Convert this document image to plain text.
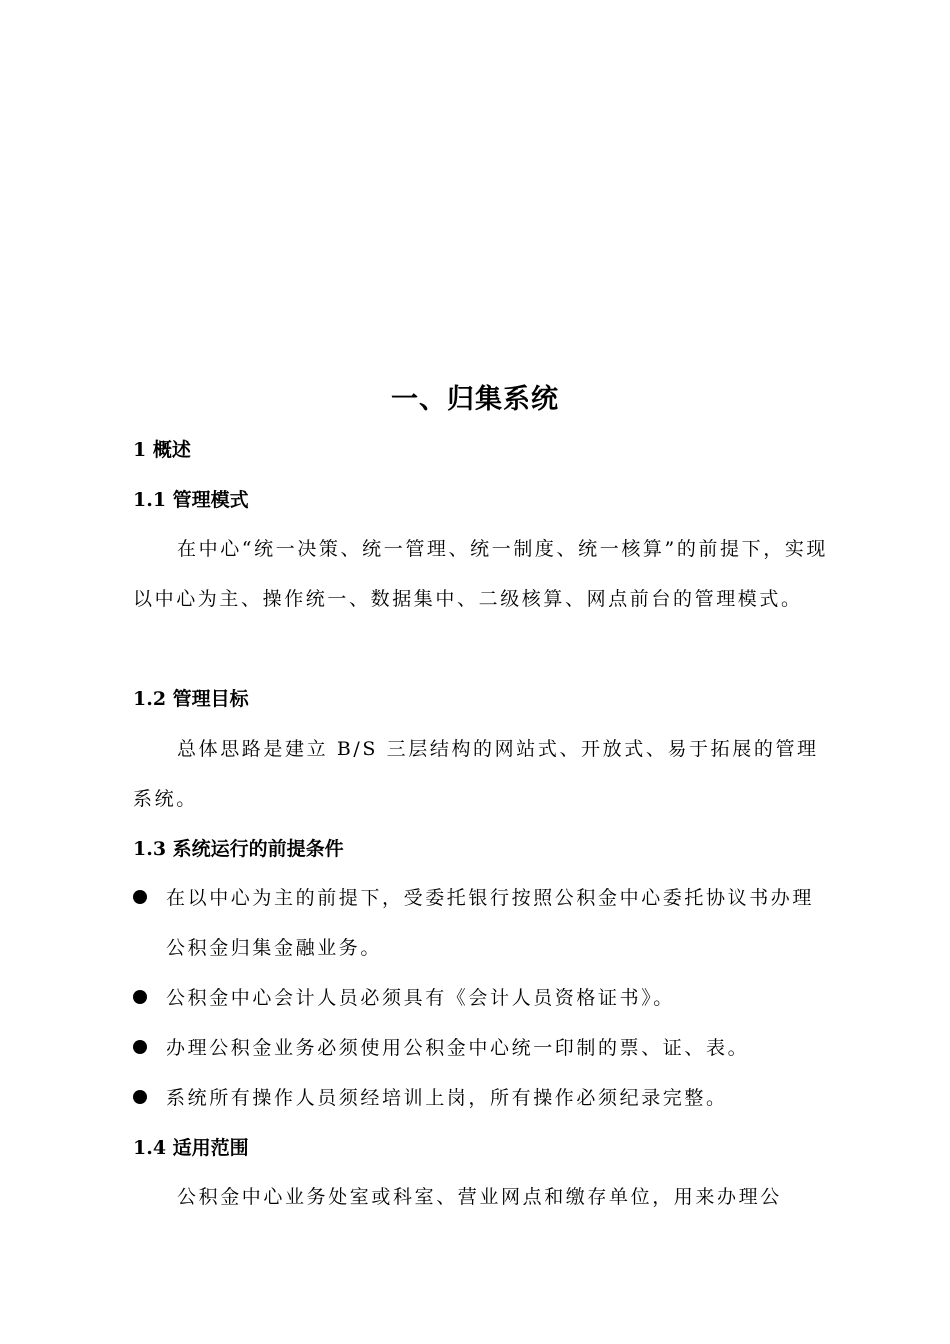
一、归集系统
1 概述
1.1 管理模式
在中心“统一决策、统一管理、统一制度、统一核算”的前提下，实现以中心为主、操作统一、数据集中、二级核算、网点前台的管理模式。
1.2 管理目标
总体思路是建立 B/S 三层结构的网站式、开放式、易于拓展的管理系统。
1.3 系统运行的前提条件
在以中心为主的前提下，受委托银行按照公积金中心委托协议书办理公积金归集金融业务。
公积金中心会计人员必须具有《会计人员资格证书》。
办理公积金业务必须使用公积金中心统一印制的票、证、表。
系统所有操作人员须经培训上岗，所有操作必须纪录完整。
1.4 适用范围
公积金中心业务处室或科室、营业网点和缴存单位，用来办理公
